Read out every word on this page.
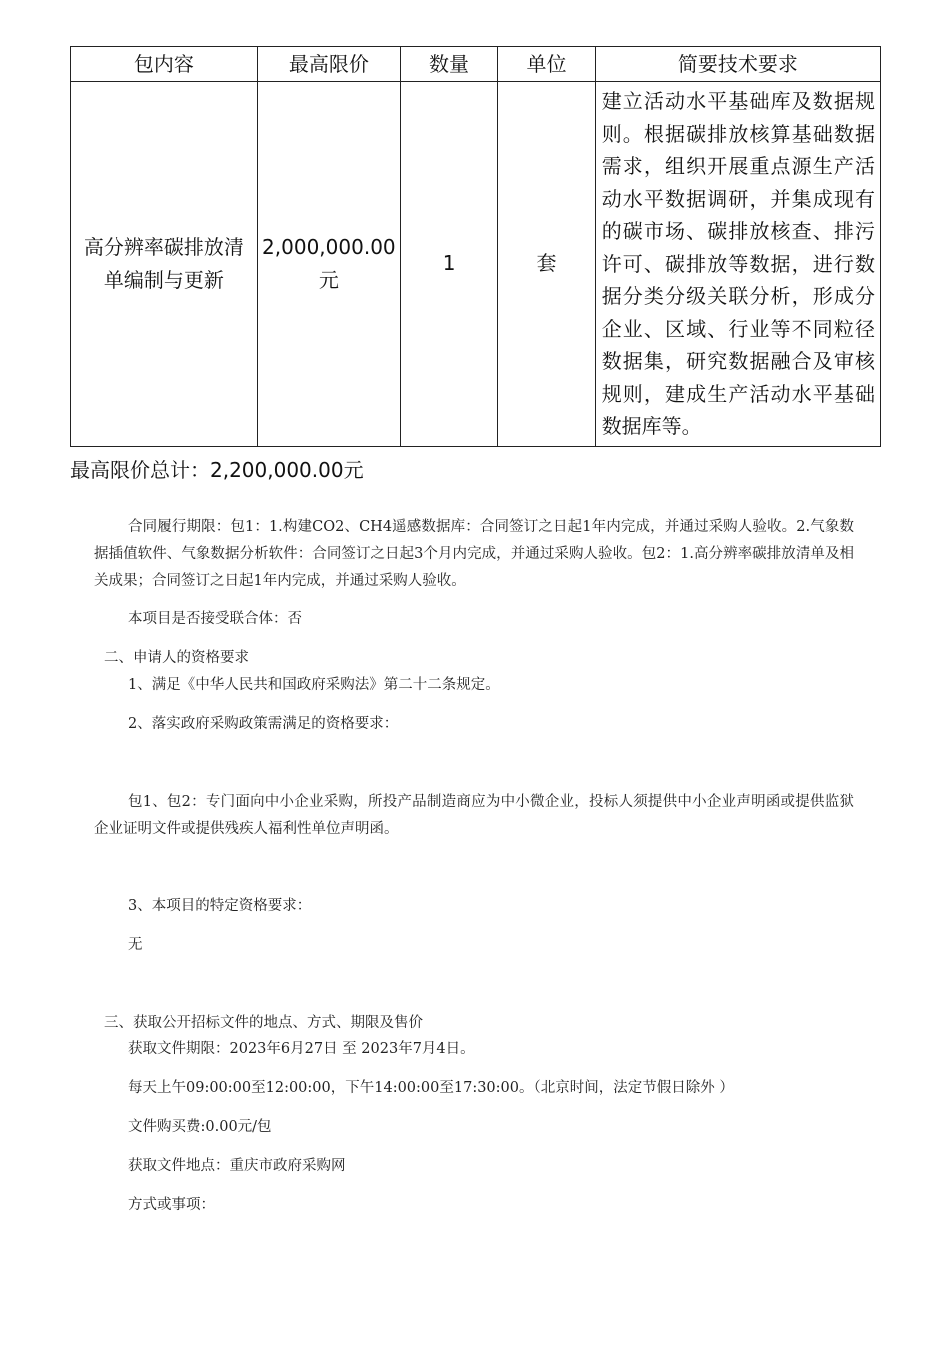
包内容	最高限价	数量	单位	简要技术要求
高分辨率碳排放清单编制与更新	2,000,000.00元	1	套	建立活动水平基础库及数据规则。根据碳排放核算基础数据需求，组织开展重点源生产活动水平数据调研，并集成现有的碳市场、碳排放核查、排污许可、碳排放等数据，进行数据分类分级关联分析，形成分企业、区域、行业等不同粒径数据集，研究数据融合及审核规则，建成生产活动水平基础数据库等。
最高限价总计：2,200,000.00元
合同履行期限：包1：1.构建CO2、CH4遥感数据库：合同签订之日起1年内完成，并通过采购人验收。2.气象数据插值软件、气象数据分析软件：合同签订之日起3个月内完成，并通过采购人验收。包2：1.高分辨率碳排放清单及相关成果；合同签订之日起1年内完成，并通过采购人验收。
本项目是否接受联合体：否
二、申请人的资格要求
1、满足《中华人民共和国政府采购法》第二十二条规定。
2、落实政府采购政策需满足的资格要求：
包1、包2：专门面向中小企业采购，所投产品制造商应为中小微企业，投标人须提供中小企业声明函或提供监狱企业证明文件或提供残疾人福利性单位声明函。
3、本项目的特定资格要求：
无
三、获取公开招标文件的地点、方式、期限及售价
获取文件期限：2023年6月27日 至 2023年7月4日。
每天上午09:00:00至12:00:00，下午14:00:00至17:30:00。（北京时间，法定节假日除外 ）
文件购买费:0.00元/包
获取文件地点：重庆市政府采购网
方式或事项：
